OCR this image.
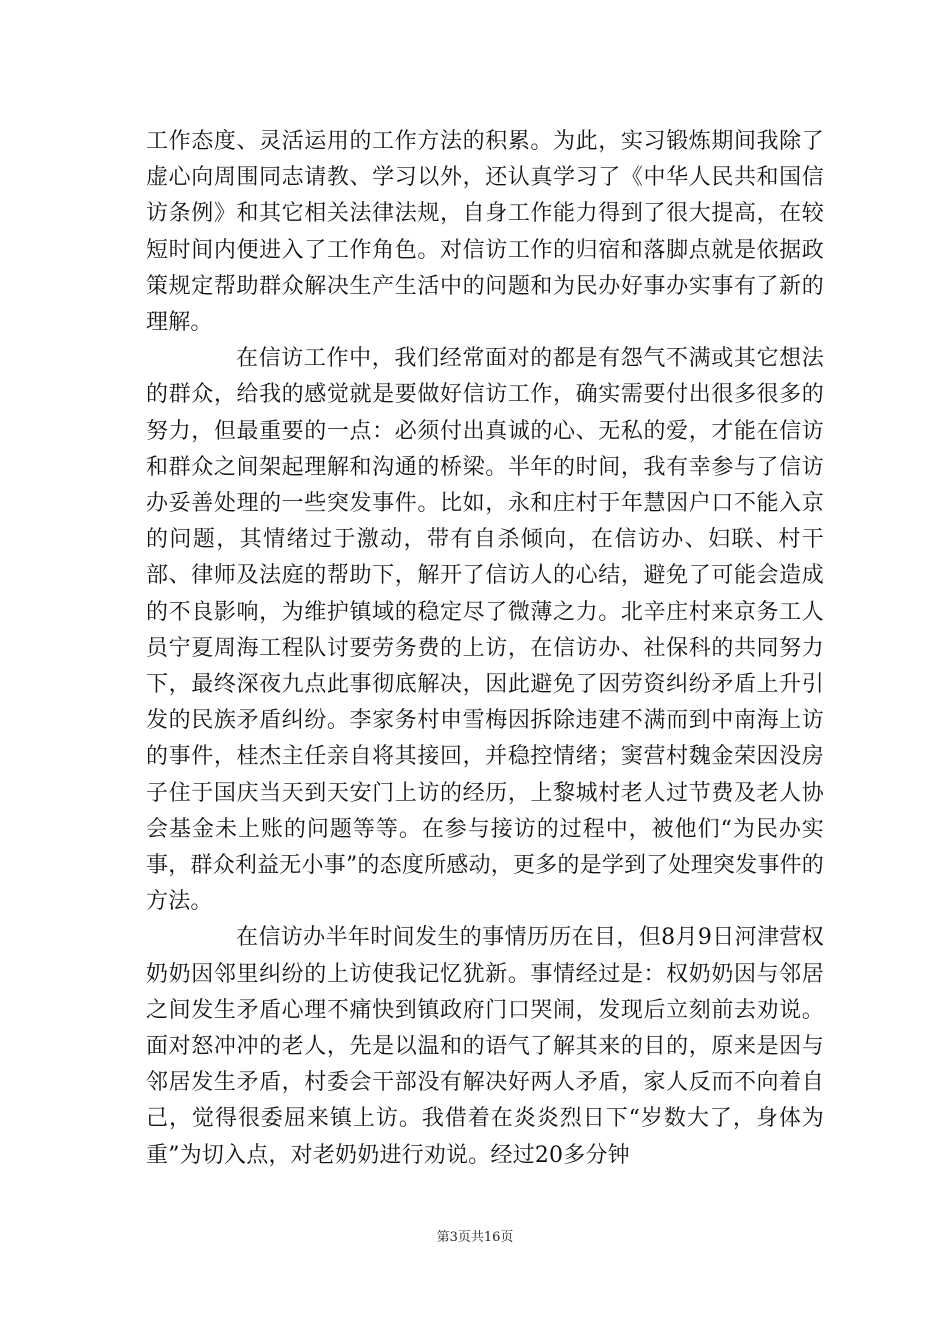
工作态度、灵活运用的工作方法的积累。为此，实习锻炼期间我除了虚心向周围同志请教、学习以外，还认真学习了《中华人民共和国信访条例》和其它相关法律法规，自身工作能力得到了很大提高，在较短时间内便进入了工作角色。对信访工作的归宿和落脚点就是依据政策规定帮助群众解决生产生活中的问题和为民办好事办实事有了新的理解。

在信访工作中，我们经常面对的都是有怨气不满或其它想法的群众，给我的感觉就是要做好信访工作，确实需要付出很多很多的努力，但最重要的一点：必须付出真诚的心、无私的爱，才能在信访和群众之间架起理解和沟通的桥梁。半年的时间，我有幸参与了信访办妥善处理的一些突发事件。比如，永和庄村于年慧因户口不能入京的问题，其情绪过于激动，带有自杀倾向，在信访办、妇联、村干部、律师及法庭的帮助下，解开了信访人的心结，避免了可能会造成的不良影响，为维护镇域的稳定尽了微薄之力。北辛庄村来京务工人员宁夏周海工程队讨要劳务费的上访，在信访办、社保科的共同努力下，最终深夜九点此事彻底解决，因此避免了因劳资纠纷矛盾上升引发的民族矛盾纠纷。李家务村申雪梅因拆除违建不满而到中南海上访的事件，桂杰主任亲自将其接回，并稳控情绪；窦营村魏金荣因没房子住于国庆当天到天安门上访的经历，上黎城村老人过节费及老人协会基金未上账的问题等等。在参与接访的过程中，被他们“为民办实事，群众利益无小事”的态度所感动，更多的是学到了处理突发事件的方法。

在信访办半年时间发生的事情历历在目，但8月9日河津营权奶奶因邻里纠纷的上访使我记忆犹新。事情经过是：权奶奶因与邻居之间发生矛盾心理不痛快到镇政府门口哭闹，发现后立刻前去劝说。面对怒冲冲的老人，先是以温和的语气了解其来的目的，原来是因与邻居发生矛盾，村委会干部没有解决好两人矛盾，家人反而不向着自己，觉得很委屈来镇上访。我借着在炎炎烈日下“岁数大了，身体为重”为切入点，对老奶奶进行劝说。经过20多分钟

第3页共16页
